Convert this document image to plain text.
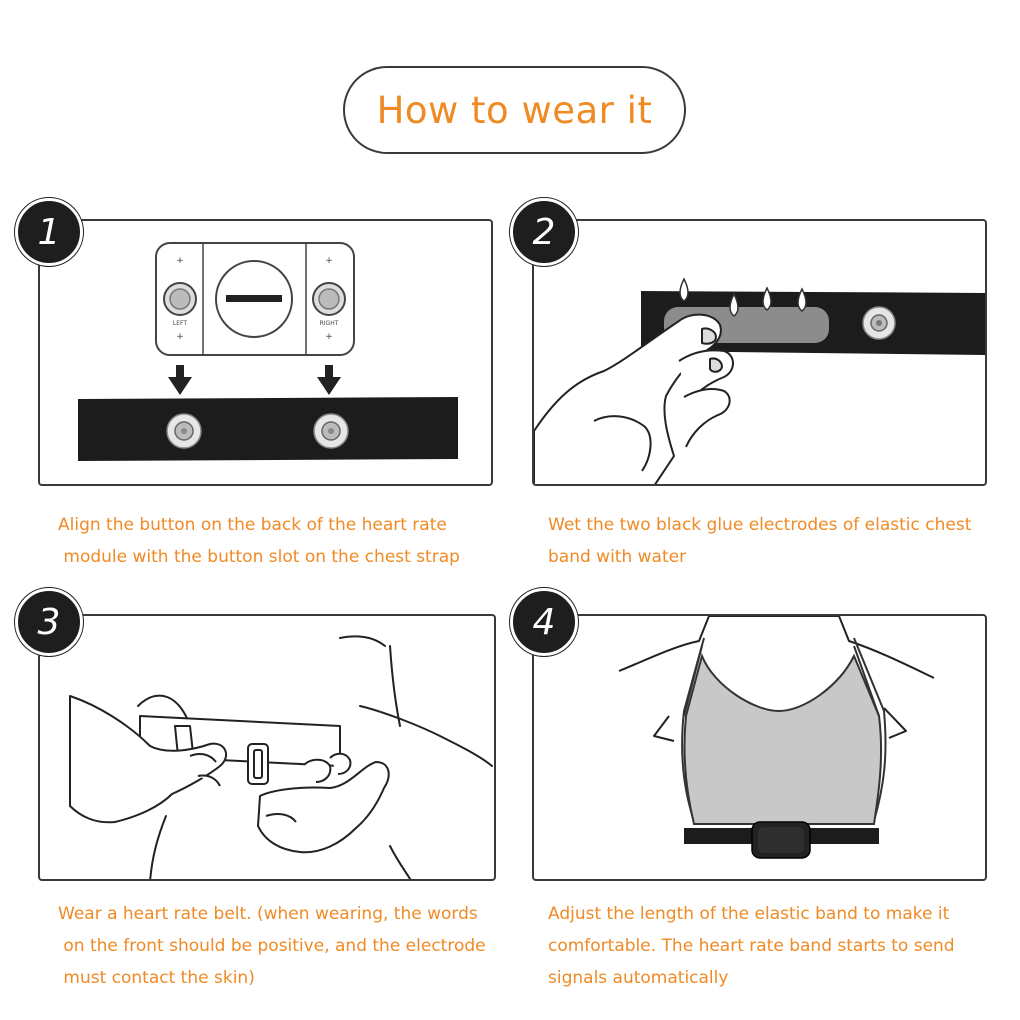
How to wear it
+	+
+	+
LEFT	RIGHT
1
Align the button on the back of the heart rate
module with the button slot on the chest strap
2
Wet the two black glue electrodes of elastic chest
band with water
3
Wear a heart rate belt. (when wearing, the words
on the front should be positive, and the electrode
must contact the skin)
4
Adjust the length of the elastic band to make it
comfortable. The heart rate band starts to send
signals automatically
